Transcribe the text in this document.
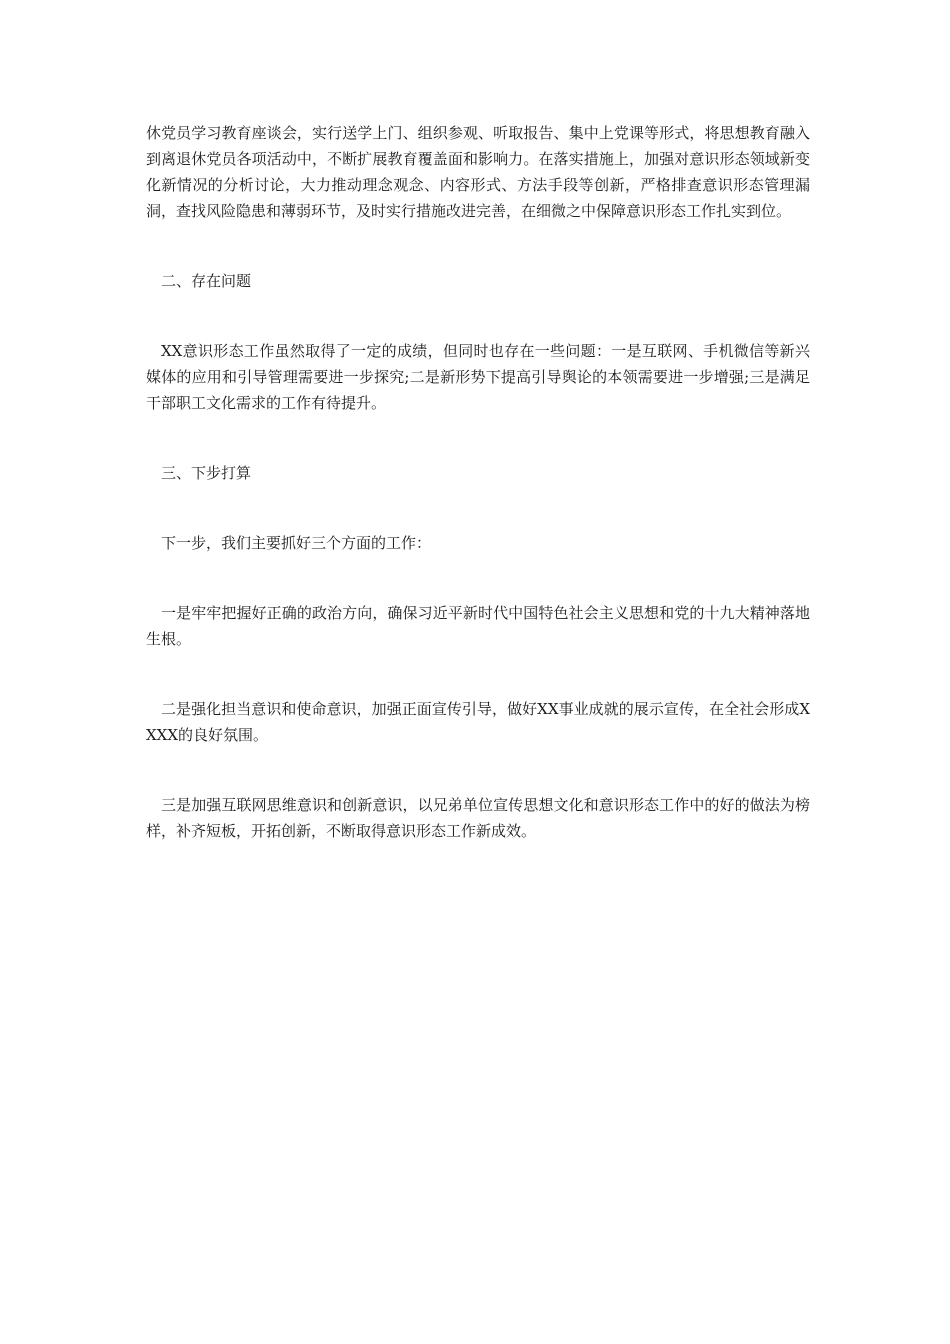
休党员学习教育座谈会，实行送学上门、组织参观、听取报告、集中上党课等形式，将思想教育融入到离退休党员各项活动中，不断扩展教育覆盖面和影响力。在落实措施上，加强对意识形态领域新变化新情况的分析讨论，大力推动理念观念、内容形式、方法手段等创新，严格排查意识形态管理漏洞，查找风险隐患和薄弱环节，及时实行措施改进完善，在细微之中保障意识形态工作扎实到位。

二、存在问题

XX意识形态工作虽然取得了一定的成绩，但同时也存在一些问题：一是互联网、手机微信等新兴媒体的应用和引导管理需要进一步探究;二是新形势下提高引导舆论的本领需要进一步增强;三是满足干部职工文化需求的工作有待提升。

三、下步打算

下一步，我们主要抓好三个方面的工作：

一是牢牢把握好正确的政治方向，确保习近平新时代中国特色社会主义思想和党的十九大精神落地生根。

二是强化担当意识和使命意识，加强正面宣传引导，做好XX事业成就的展示宣传，在全社会形成XXXX的良好氛围。

三是加强互联网思维意识和创新意识，以兄弟单位宣传思想文化和意识形态工作中的好的做法为榜样，补齐短板，开拓创新，不断取得意识形态工作新成效。
